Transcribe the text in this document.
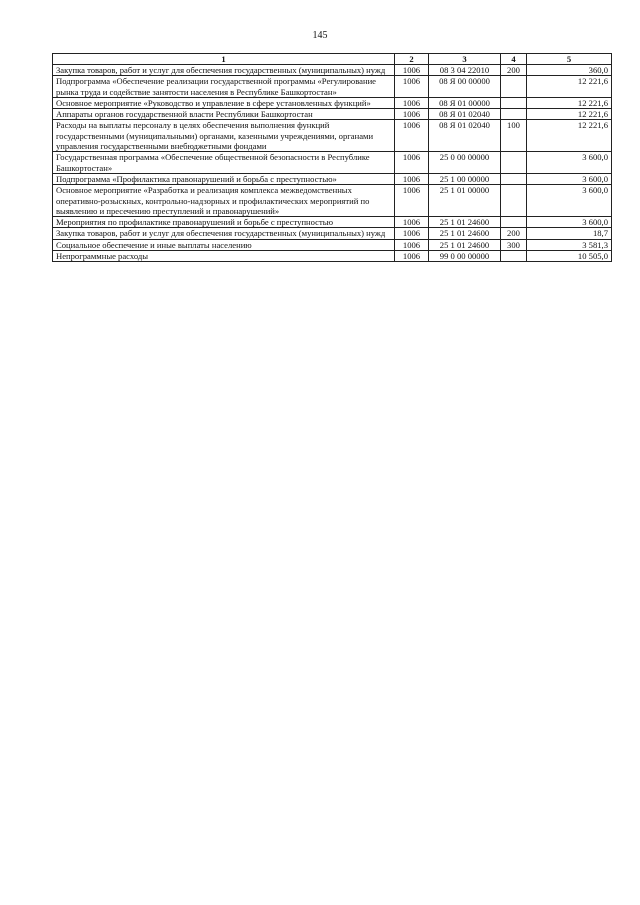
145
1	2	3	4	5
Закупка товаров, работ и услуг для обеспечения государственных (муниципальных) нужд	1006	08 3 04 22010	200	360,0
Подпрограмма «Обеспечение реализации государственной программы «Регулирование рынка труда и содействие занятости населения в Республике Башкортостан»	1006	08 Я 00 00000		12 221,6
Основное мероприятие «Руководство и управление в сфере установленных функций»	1006	08 Я 01 00000		12 221,6
Аппараты органов государственной власти Республики Башкортостан	1006	08 Я 01 02040		12 221,6
Расходы на выплаты персоналу в целях обеспечения выполнения функций государственными (муниципальными) органами, казенными учреждениями, органами управления государственными внебюджетными фондами	1006	08 Я 01 02040	100	12 221,6
Государственная программа «Обеспечение общественной безопасности в Республике Башкортостан»	1006	25 0 00 00000		3 600,0
Подпрограмма «Профилактика правонарушений и борьба с преступностью»	1006	25 1 00 00000		3 600,0
Основное мероприятие «Разработка и реализация комплекса межведомственных оперативно-розыскных, контрольно-надзорных и профилактических мероприятий по выявлению и пресечению преступлений и правонарушений»	1006	25 1 01 00000		3 600,0
Мероприятия по профилактике правонарушений и борьбе с преступностью	1006	25 1 01 24600		3 600,0
Закупка товаров, работ и услуг для обеспечения государственных (муниципальных) нужд	1006	25 1 01 24600	200	18,7
Социальное обеспечение и иные выплаты населению	1006	25 1 01 24600	300	3 581,3
Непрограммные расходы	1006	99 0 00 00000		10 505,0
